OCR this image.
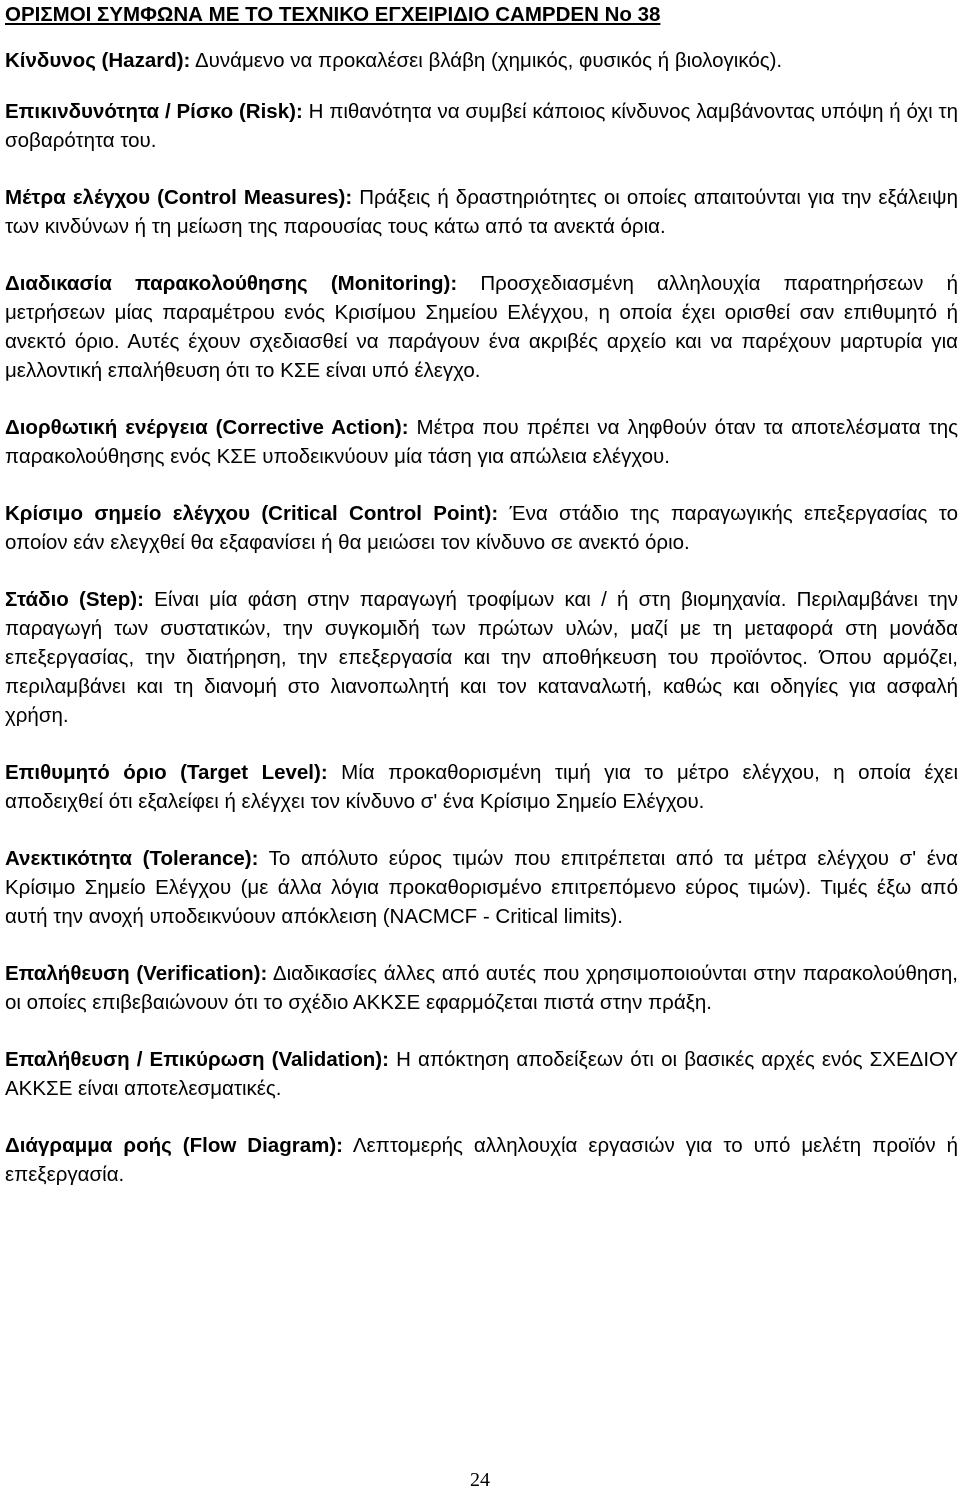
ΟΡΙΣΜΟΙ ΣΥΜΦΩΝΑ ΜΕ ΤΟ ΤΕΧΝΙΚΟ ΕΓΧΕΙΡΙΔΙΟ CAMPDEN No 38

Κίνδυνος (Hazard): Δυνάμενο να προκαλέσει βλάβη (χημικός, φυσικός ή βιολογικός).

Επικινδυνότητα / Ρίσκο (Risk): Η πιθανότητα να συμβεί κάποιος κίνδυνος λαμβάνοντας υπόψη ή όχι τη σοβαρότητα του.

Μέτρα ελέγχου (Control Measures): Πράξεις ή δραστηριότητες οι οποίες απαιτούνται για την εξάλειψη των κινδύνων ή τη μείωση της παρουσίας τους κάτω από τα ανεκτά όρια.

Διαδικασία παρακολούθησης (Monitoring): Προσχεδιασμένη αλληλουχία παρατηρήσεων ή μετρήσεων μίας παραμέτρου ενός Κρισίμου Σημείου Ελέγχου, η οποία έχει ορισθεί σαν επιθυμητό ή ανεκτό όριο. Αυτές έχουν σχεδιασθεί να παράγουν ένα ακριβές αρχείο και να παρέχουν μαρτυρία για μελλοντική επαλήθευση ότι το ΚΣΕ είναι υπό έλεγχο.

Διορθωτική ενέργεια (Corrective Action): Μέτρα που πρέπει να ληφθούν όταν τα αποτελέσματα της παρακολούθησης ενός ΚΣΕ υποδεικνύουν μία τάση για απώλεια ελέγχου.

Κρίσιμο σημείο ελέγχου (Critical Control Point): Ένα στάδιο της παραγωγικής επεξεργασίας το οποίον εάν ελεγχθεί θα εξαφανίσει ή θα μειώσει τον κίνδυνο σε ανεκτό όριο.

Στάδιο (Step): Είναι μία φάση στην παραγωγή τροφίμων και / ή στη βιομηχανία. Περιλαμβάνει την παραγωγή των συστατικών, την συγκομιδή των πρώτων υλών, μαζί με τη μεταφορά στη μονάδα επεξεργασίας, την διατήρηση, την επεξεργασία και την αποθήκευση του προϊόντος. Όπου αρμόζει, περιλαμβάνει και τη διανομή στο λιανοπωλητή και τον καταναλωτή, καθώς και οδηγίες για ασφαλή χρήση.

Επιθυμητό όριο (Target Level): Μία προκαθορισμένη τιμή για το μέτρο ελέγχου, η οποία έχει αποδειχθεί ότι εξαλείφει ή ελέγχει τον κίνδυνο σ' ένα Κρίσιμο Σημείο Ελέγχου.

Ανεκτικότητα (Tolerance): Το απόλυτο εύρος τιμών που επιτρέπεται από τα μέτρα ελέγχου σ' ένα Κρίσιμο Σημείο Ελέγχου (με άλλα λόγια προκαθορισμένο επιτρεπόμενο εύρος τιμών). Τιμές έξω από αυτή την ανοχή υποδεικνύουν απόκλειση (NACMCF - Critical limits).

Επαλήθευση (Verification): Διαδικασίες άλλες από αυτές που χρησιμοποιούνται στην παρακολούθηση, οι οποίες επιβεβαιώνουν ότι το σχέδιο ΑΚΚΣΕ εφαρμόζεται πιστά στην πράξη.

Επαλήθευση / Επικύρωση (Validation): Η απόκτηση αποδείξεων ότι οι βασικές αρχές ενός ΣΧΕΔΙΟΥ ΑΚΚΣΕ είναι αποτελεσματικές.

Διάγραμμα ροής (Flow Diagram): Λεπτομερής αλληλουχία εργασιών για το υπό μελέτη προϊόν ή επεξεργασία.

24
